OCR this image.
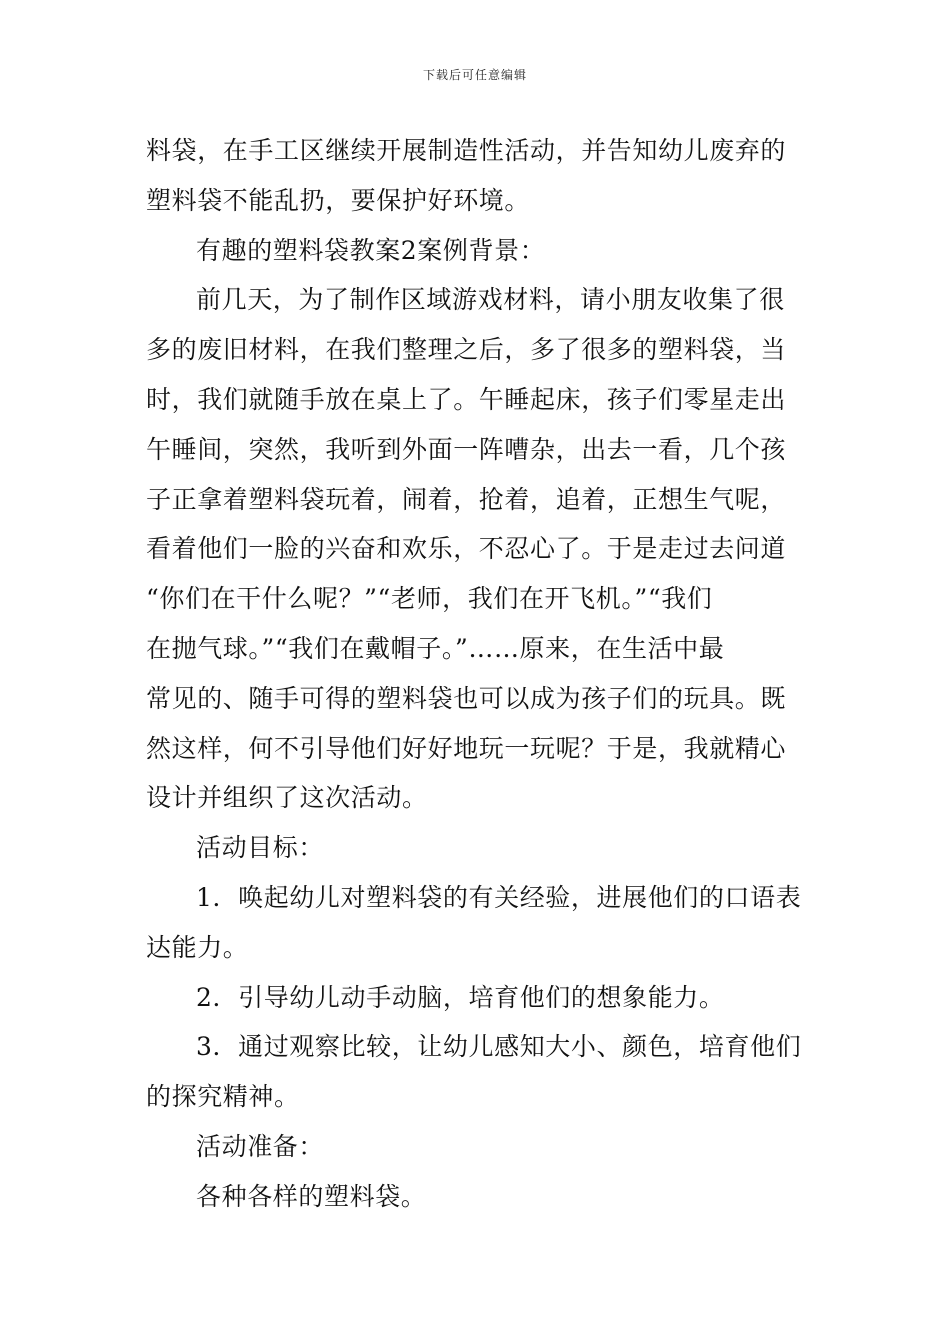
下载后可任意编辑
料袋，在手工区继续开展制造性活动，并告知幼儿废弃的
塑料袋不能乱扔，要保护好环境。
有趣的塑料袋教案2案例背景：
前几天，为了制作区域游戏材料，请小朋友收集了很
多的废旧材料，在我们整理之后，多了很多的塑料袋，当
时，我们就随手放在桌上了。午睡起床，孩子们零星走出
午睡间，突然，我听到外面一阵嘈杂，出去一看，几个孩
子正拿着塑料袋玩着，闹着，抢着，追着，正想生气呢，
看着他们一脸的兴奋和欢乐，不忍心了。于是走过去问道
“你们在干什么呢？”“老师，我们在开飞机。”“我们
在抛气球。”“我们在戴帽子。”……原来，在生活中最
常见的、随手可得的塑料袋也可以成为孩子们的玩具。既
然这样，何不引导他们好好地玩一玩呢？于是，我就精心
设计并组织了这次活动。
活动目标：
1．唤起幼儿对塑料袋的有关经验，进展他们的口语表
达能力。
2．引导幼儿动手动脑，培育他们的想象能力。
3．通过观察比较，让幼儿感知大小、颜色，培育他们
的探究精神。
活动准备：
各种各样的塑料袋。
